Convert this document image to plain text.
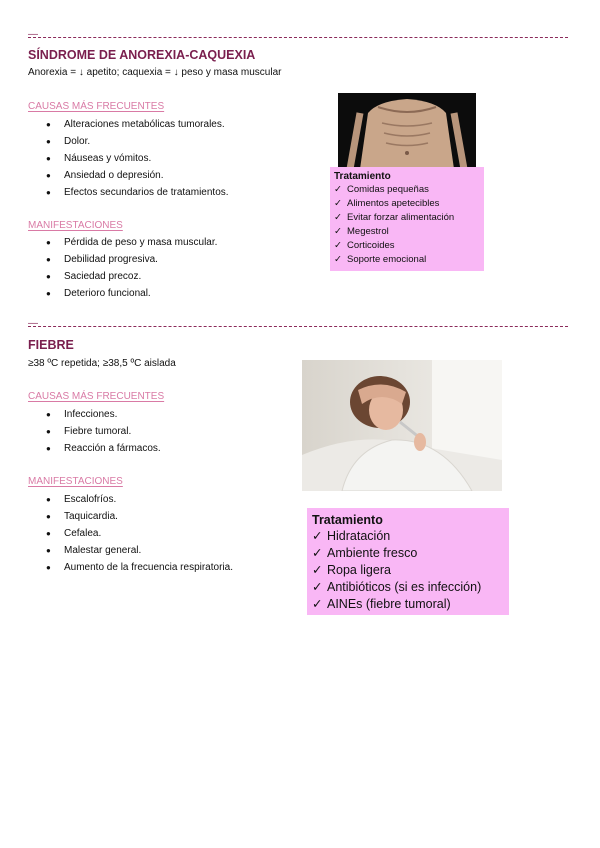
—
SÍNDROME DE ANOREXIA-CAQUEXIA
Anorexia = ↓ apetito; caquexia = ↓ peso y masa muscular
CAUSAS MÁS FRECUENTES
● Alteraciones metabólicas tumorales.
● Dolor.
● Náuseas y vómitos.
● Ansiedad o depresión.
● Efectos secundarios de tratamientos.
MANIFESTACIONES
● Pérdida de peso y masa muscular.
● Debilidad progresiva.
● Saciedad precoz.
● Deterioro funcional.
Tratamiento
✓ Comidas pequeñas
✓ Alimentos apetecibles
✓ Evitar forzar alimentación
✓ Megestrol
✓ Corticoides
✓ Soporte emocional
—
FIEBRE
≥38 ºC repetida; ≥38,5 ºC aislada
CAUSAS MÁS FRECUENTES
● Infecciones.
● Fiebre tumoral.
● Reacción a fármacos.
MANIFESTACIONES
● Escalofríos.
● Taquicardia.
● Cefalea.
● Malestar general.
● Aumento de la frecuencia respiratoria.
Tratamiento
✓ Hidratación
✓ Ambiente fresco
✓ Ropa ligera
✓ Antibióticos (si es infección)
✓ AINEs (fiebre tumoral)
